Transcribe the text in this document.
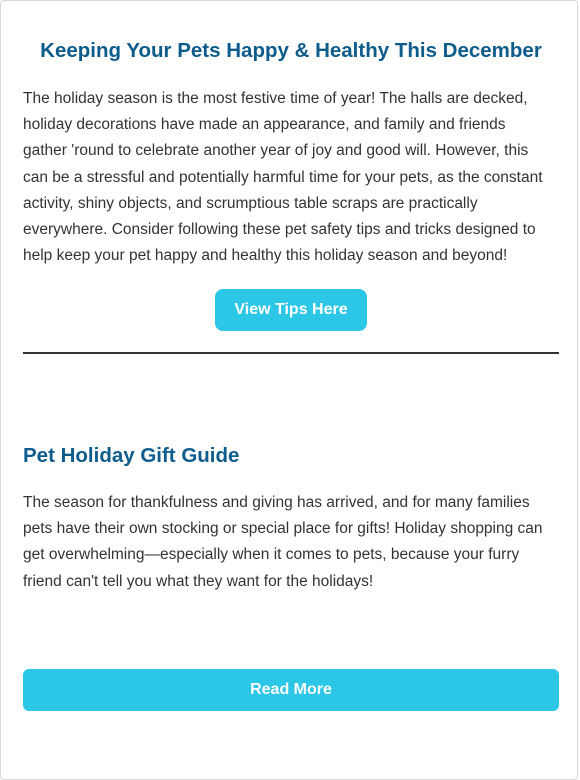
Keeping Your Pets Happy & Healthy This December

The holiday season is the most festive time of year! The halls are decked, holiday decorations have made an appearance, and family and friends gather 'round to celebrate another year of joy and good will. However, this can be a stressful and potentially harmful time for your pets, as the constant activity, shiny objects, and scrumptious table scraps are practically everywhere. Consider following these pet safety tips and tricks designed to help keep your pet happy and healthy this holiday season and beyond!

View Tips Here
Pet Holiday Gift Guide

The season for thankfulness and giving has arrived, and for many families pets have their own stocking or special place for gifts! Holiday shopping can get overwhelming—especially when it comes to pets, because your furry friend can't tell you what they want for the holidays!

Read More
